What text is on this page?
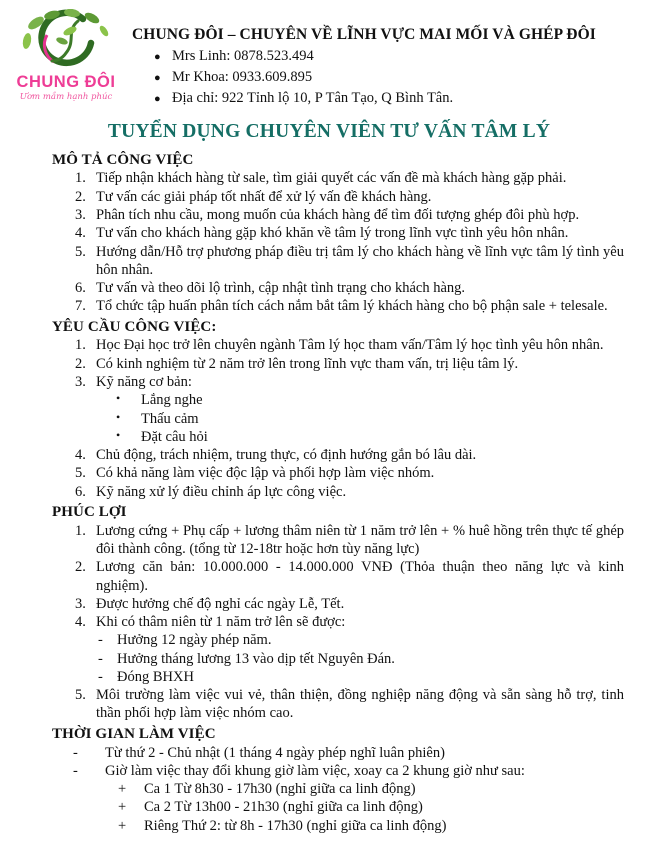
CHUNG ĐÔI
Ươm mầm hạnh phúc
CHUNG ĐÔI – CHUYÊN VỀ LĨNH VỰC MAI MỐI VÀ GHÉP ĐÔI
● Mrs Linh: 0878.523.494
● Mr Khoa: 0933.609.895
● Địa chỉ: 922 Tỉnh lộ 10, P Tân Tạo, Q Bình Tân.
TUYỂN DỤNG CHUYÊN VIÊN TƯ VẤN TÂM LÝ
MÔ TẢ CÔNG VIỆC
1. Tiếp nhận khách hàng từ sale, tìm giải quyết các vấn đề mà khách hàng gặp phải.
2. Tư vấn các giải pháp tốt nhất để xử lý vấn đề khách hàng.
3. Phân tích nhu cầu, mong muốn của khách hàng để tìm đối tượng ghép đôi phù hợp.
4. Tư vấn cho khách hàng gặp khó khăn về tâm lý trong lĩnh vực tình yêu hôn nhân.
5. Hướng dẫn/Hỗ trợ phương pháp điều trị tâm lý cho khách hàng về lĩnh vực tâm lý tình yêu hôn nhân.
6. Tư vấn và theo dõi lộ trình, cập nhật tình trạng cho khách hàng.
7. Tổ chức tập huấn phân tích cách nắm bắt tâm lý khách hàng cho bộ phận sale + telesale.
YÊU CẦU CÔNG VIỆC:
1. Học Đại học trở lên chuyên ngành Tâm lý học tham vấn/Tâm lý học tình yêu hôn nhân.
2. Có kinh nghiệm từ 2 năm trở lên trong lĩnh vực tham vấn, trị liệu tâm lý.
3. Kỹ năng cơ bản:
•	Lắng nghe
•	Thấu cảm
•	Đặt câu hỏi
4. Chủ động, trách nhiệm, trung thực, có định hướng gắn bó lâu dài.
5. Có khả năng làm việc độc lập và phối hợp làm việc nhóm.
6. Kỹ năng xử lý điều chỉnh áp lực công việc.
PHÚC LỢI
1. Lương cứng + Phụ cấp + lương thâm niên từ 1 năm trở lên + % huê hồng trên thực tế ghép đôi thành công. (tổng từ 12-18tr hoặc hơn tùy năng lực)
2. Lương căn bản: 10.000.000 - 14.000.000 VNĐ (Thỏa thuận theo năng lực và kinh nghiệm).
3. Được hưởng chế độ nghỉ các ngày Lễ, Tết.
4. Khi có thâm niên từ 1 năm trở lên sẽ được:
- Hưởng 12 ngày phép năm.
- Hưởng tháng lương 13 vào dịp tết Nguyên Đán.
- Đóng BHXH
5. Môi trường làm việc vui vẻ, thân thiện, đồng nghiệp năng động và sẵn sàng hỗ trợ, tinh thần phối hợp làm việc nhóm cao.
THỜI GIAN LÀM VIỆC
-	Từ thứ 2 - Chủ nhật (1 tháng 4 ngày phép nghĩ luân phiên)
-	Giờ làm việc thay đổi khung giờ làm việc, xoay ca 2 khung giờ như sau:
+	Ca 1 Từ 8h30 - 17h30 (nghỉ giữa ca linh động)
+	Ca 2 Từ 13h00 - 21h30 (nghỉ giữa ca linh động)
+	Riêng Thứ 2: từ 8h - 17h30 (nghỉ giữa ca linh động)
